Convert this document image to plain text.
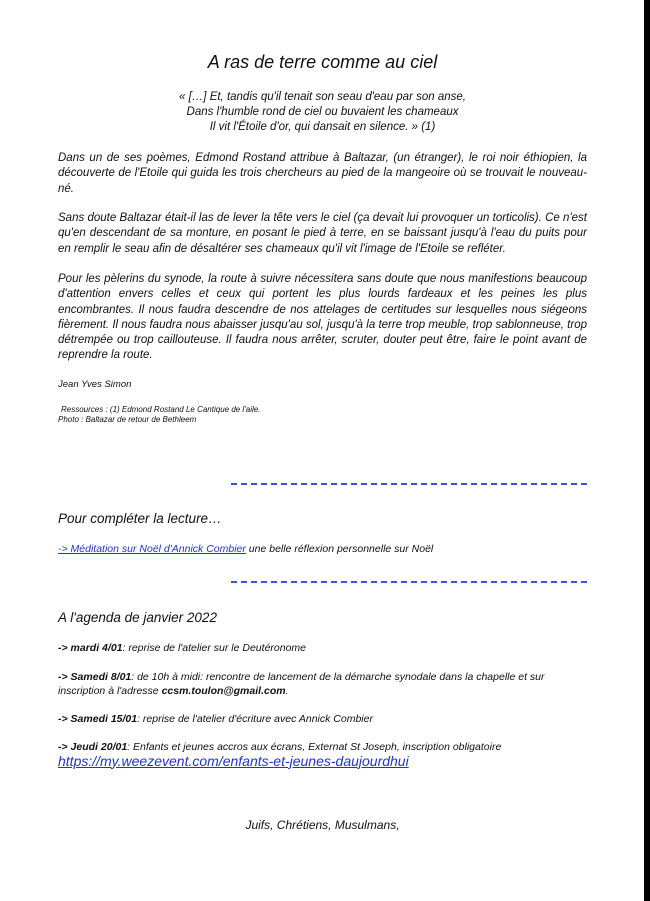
A ras de terre comme au ciel
« […] Et, tandis qu'il tenait son seau d'eau par son anse,
Dans l'humble rond de ciel ou buvaient les chameaux
Il vit l'Étoile d'or, qui dansait en silence. » (1)
Dans un de ses poèmes, Edmond Rostand attribue à Baltazar, (un étranger), le roi noir éthiopien, la découverte de l'Etoile qui guida les trois chercheurs au pied de la mangeoire où se trouvait le nouveau-né.
Sans doute Baltazar était-il las de lever la tête vers le ciel (ça devait lui provoquer un torticolis). Ce n'est qu'en descendant de sa monture, en posant le pied à terre, en se baissant jusqu'à l'eau du puits pour en remplir le seau afin de désaltérer ses chameaux qu'il vit l'image de l'Etoile se refléter.
Pour les pèlerins du synode, la route à suivre nécessitera sans doute que nous manifestions beaucoup d'attention envers celles et ceux qui portent les plus lourds fardeaux et les peines les plus encombrantes. Il nous faudra descendre de nos attelages de certitudes sur lesquelles nous siégeons fièrement. Il nous faudra nous abaisser jusqu'au sol, jusqu'à la terre trop meuble, trop sablonneuse, trop détrempée ou trop caillouteuse. Il faudra nous arrêter, scruter, douter peut être, faire le point avant de reprendre la route.
Jean Yves Simon
Ressources : (1) Edmond Rostand Le Cantique de l'aile.
Photo : Baltazar de retour de Bethleem
Pour compléter la lecture…
-> Méditation sur Noël d'Annick Combier une belle réflexion personnelle sur Noël
A l'agenda de janvier 2022
-> mardi 4/01: reprise de l'atelier sur le Deutéronome
-> Samedi 8/01: de 10h à midi: rencontre de lancement de la démarche synodale dans la chapelle et sur inscription à l'adresse ccsm.toulon@gmail.com.
-> Samedi 15/01: reprise de l'atelier d'écriture avec Annick Combier
-> Jeudi 20/01: Enfants et jeunes accros aux écrans, Externat St Joseph, inscription obligatoire https://my.weezevent.com/enfants-et-jeunes-daujourdhui
Juifs, Chrétiens, Musulmans,
